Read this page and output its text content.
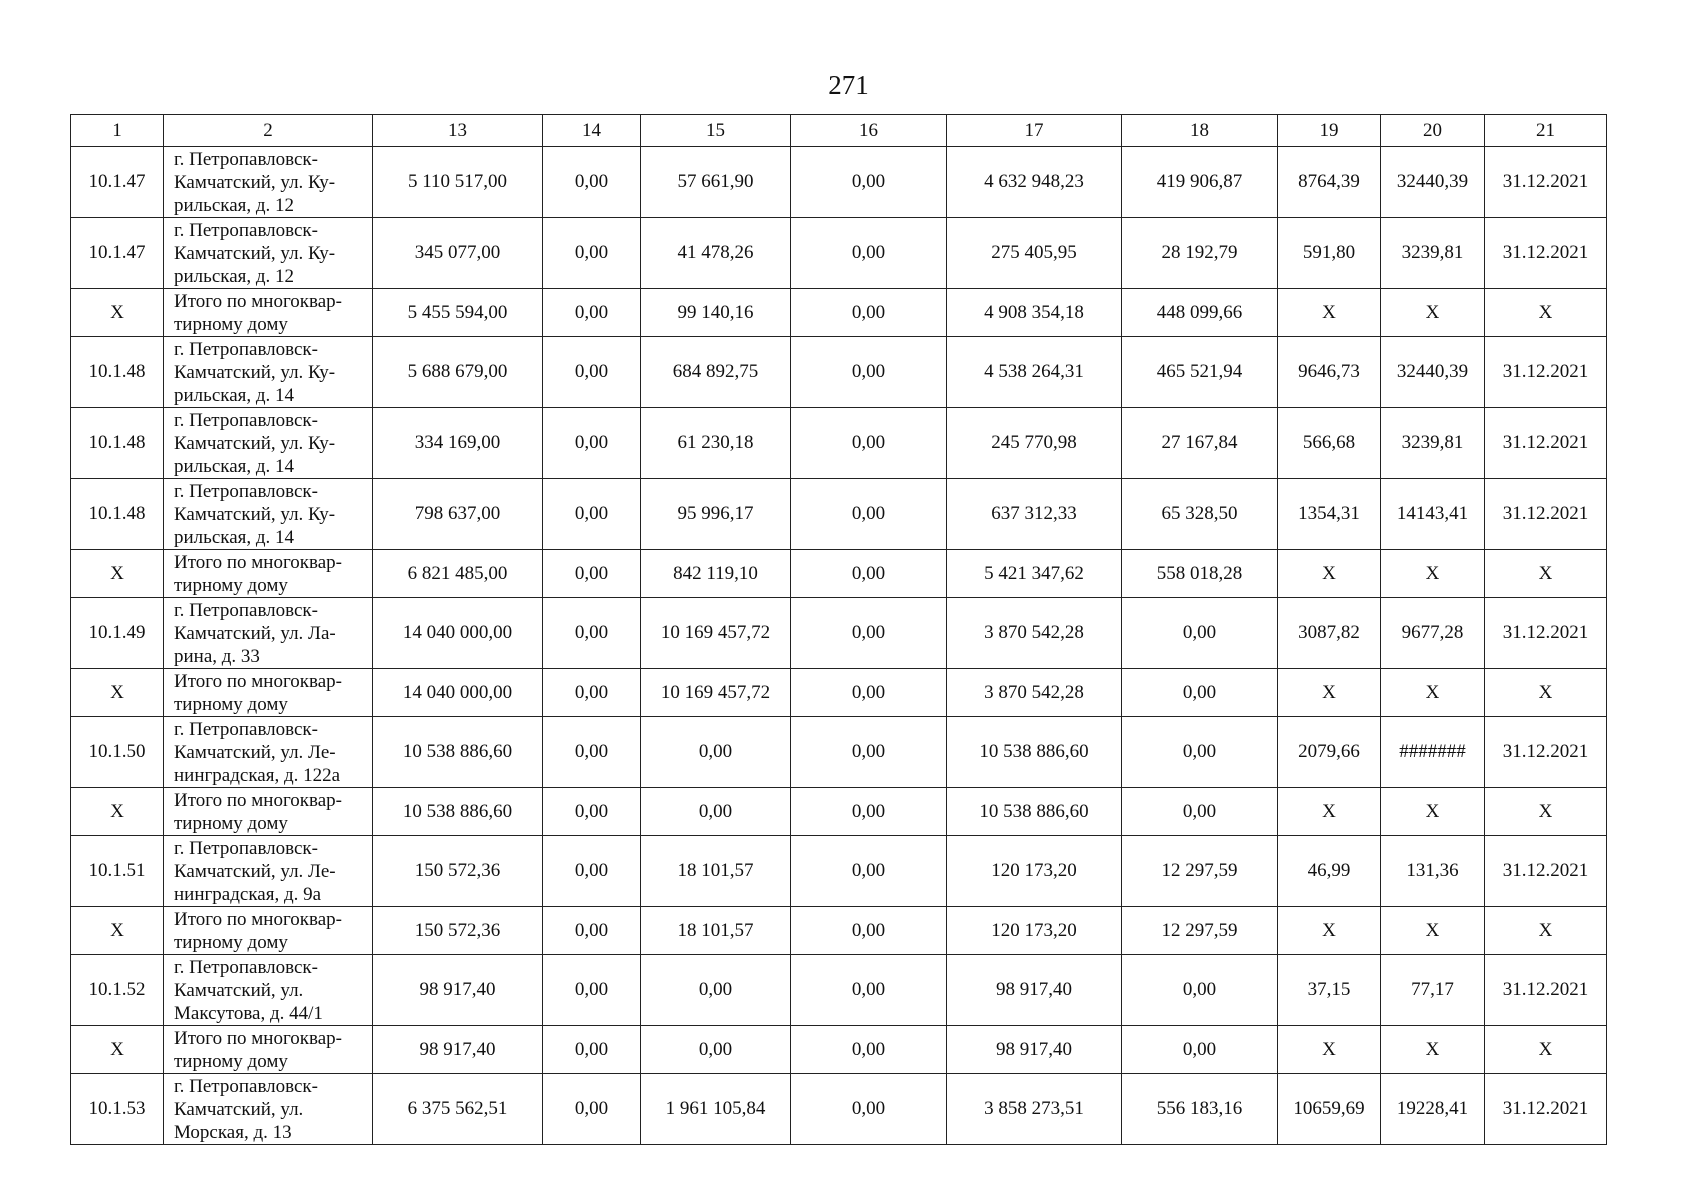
271
1	2	13	14	15	16	17	18	19	20	21
10.1.47	г. Петропавловск-
Камчатский, ул. Ку-
рильская, д. 12	5 110 517,00	0,00	57 661,90	0,00	4 632 948,23	419 906,87	8764,39	32440,39	31.12.2021
10.1.47	г. Петропавловск-
Камчатский, ул. Ку-
рильская, д. 12	345 077,00	0,00	41 478,26	0,00	275 405,95	28 192,79	591,80	3239,81	31.12.2021
X	Итого по многоквар-
тирному дому	5 455 594,00	0,00	99 140,16	0,00	4 908 354,18	448 099,66	X	X	X
10.1.48	г. Петропавловск-
Камчатский, ул. Ку-
рильская, д. 14	5 688 679,00	0,00	684 892,75	0,00	4 538 264,31	465 521,94	9646,73	32440,39	31.12.2021
10.1.48	г. Петропавловск-
Камчатский, ул. Ку-
рильская, д. 14	334 169,00	0,00	61 230,18	0,00	245 770,98	27 167,84	566,68	3239,81	31.12.2021
10.1.48	г. Петропавловск-
Камчатский, ул. Ку-
рильская, д. 14	798 637,00	0,00	95 996,17	0,00	637 312,33	65 328,50	1354,31	14143,41	31.12.2021
X	Итого по многоквар-
тирному дому	6 821 485,00	0,00	842 119,10	0,00	5 421 347,62	558 018,28	X	X	X
10.1.49	г. Петропавловск-
Камчатский, ул. Ла-
рина, д. 33	14 040 000,00	0,00	10 169 457,72	0,00	3 870 542,28	0,00	3087,82	9677,28	31.12.2021
X	Итого по многоквар-
тирному дому	14 040 000,00	0,00	10 169 457,72	0,00	3 870 542,28	0,00	X	X	X
10.1.50	г. Петропавловск-
Камчатский, ул. Ле-
нинградская, д. 122а	10 538 886,60	0,00	0,00	0,00	10 538 886,60	0,00	2079,66	#######	31.12.2021
X	Итого по многоквар-
тирному дому	10 538 886,60	0,00	0,00	0,00	10 538 886,60	0,00	X	X	X
10.1.51	г. Петропавловск-
Камчатский, ул. Ле-
нинградская, д. 9а	150 572,36	0,00	18 101,57	0,00	120 173,20	12 297,59	46,99	131,36	31.12.2021
X	Итого по многоквар-
тирному дому	150 572,36	0,00	18 101,57	0,00	120 173,20	12 297,59	X	X	X
10.1.52	г. Петропавловск-
Камчатский, ул.
Максутова, д. 44/1	98 917,40	0,00	0,00	0,00	98 917,40	0,00	37,15	77,17	31.12.2021
X	Итого по многоквар-
тирному дому	98 917,40	0,00	0,00	0,00	98 917,40	0,00	X	X	X
10.1.53	г. Петропавловск-
Камчатский, ул.
Морская, д. 13	6 375 562,51	0,00	1 961 105,84	0,00	3 858 273,51	556 183,16	10659,69	19228,41	31.12.2021
